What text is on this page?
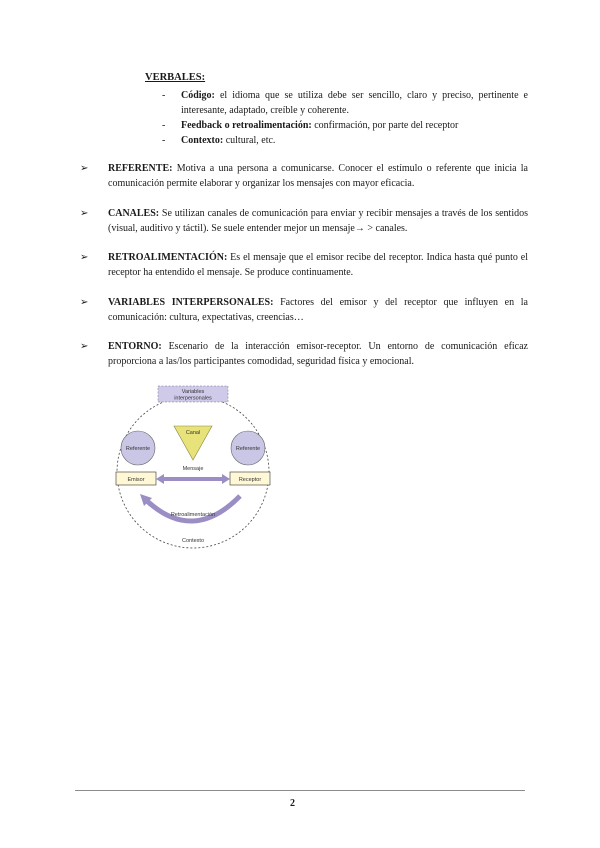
VERBALES:
-	Código: el idioma que se utiliza debe ser sencillo, claro y preciso, pertinente e interesante, adaptado, creíble y coherente.
-	Feedback o retroalimentación: confirmación, por parte del receptor
-	Contexto: cultural, etc.
➢	REFERENTE: Motiva a una persona a comunicarse. Conocer el estímulo o referente que inicia la comunicación permite elaborar y organizar los mensajes con mayor eficacia.
➢	CANALES: Se utilizan canales de comunicación para enviar y recibir mensajes a través de los sentidos (visual, auditivo y táctil). Se suele entender mejor un mensaje→ > canales.
➢	RETROALIMENTACIÓN: Es el mensaje que el emisor recibe del receptor. Indica hasta qué punto el receptor ha entendido el mensaje. Se produce continuamente.
➢	VARIABLES INTERPERSONALES: Factores del emisor y del receptor que influyen en la comunicación: cultura, expectativas, creencias…
➢	ENTORNO: Escenario de la interacción emisor-receptor. Un entorno de comunicación eficaz proporciona a las/los participantes comodidad, seguridad física y emocional.
Variables
interpersonales
Canal
Referente	Referente
Mensaje
Emisor	Receptor
Retroalimentación
Contexto
2
